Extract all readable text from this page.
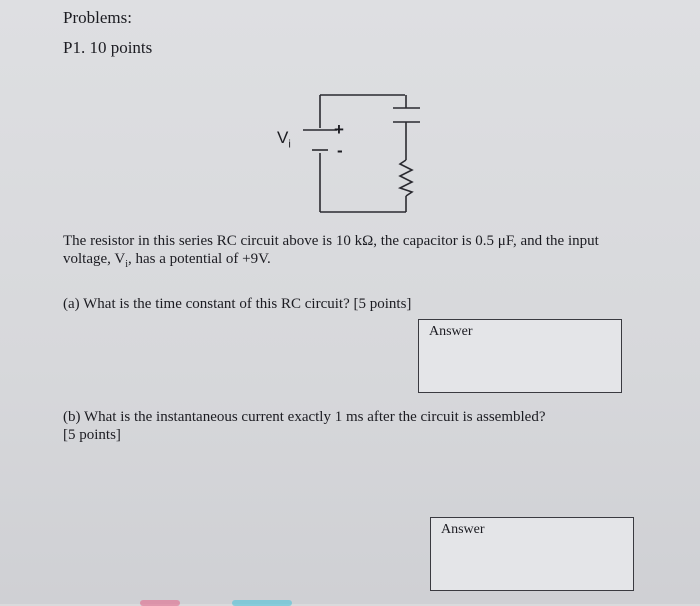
Problems:
P1. 10 points
$V_i$
+
-
The resistor in this series RC circuit above is 10 kΩ, the capacitor is 0.5 μF, and the input
voltage, $V_i$, has a potential of +9V.
(a) What is the time constant of this RC circuit? [5 points]
Answer
(b) What is the instantaneous current exactly 1 ms after the circuit is assembled?
[5 points]
Answer
